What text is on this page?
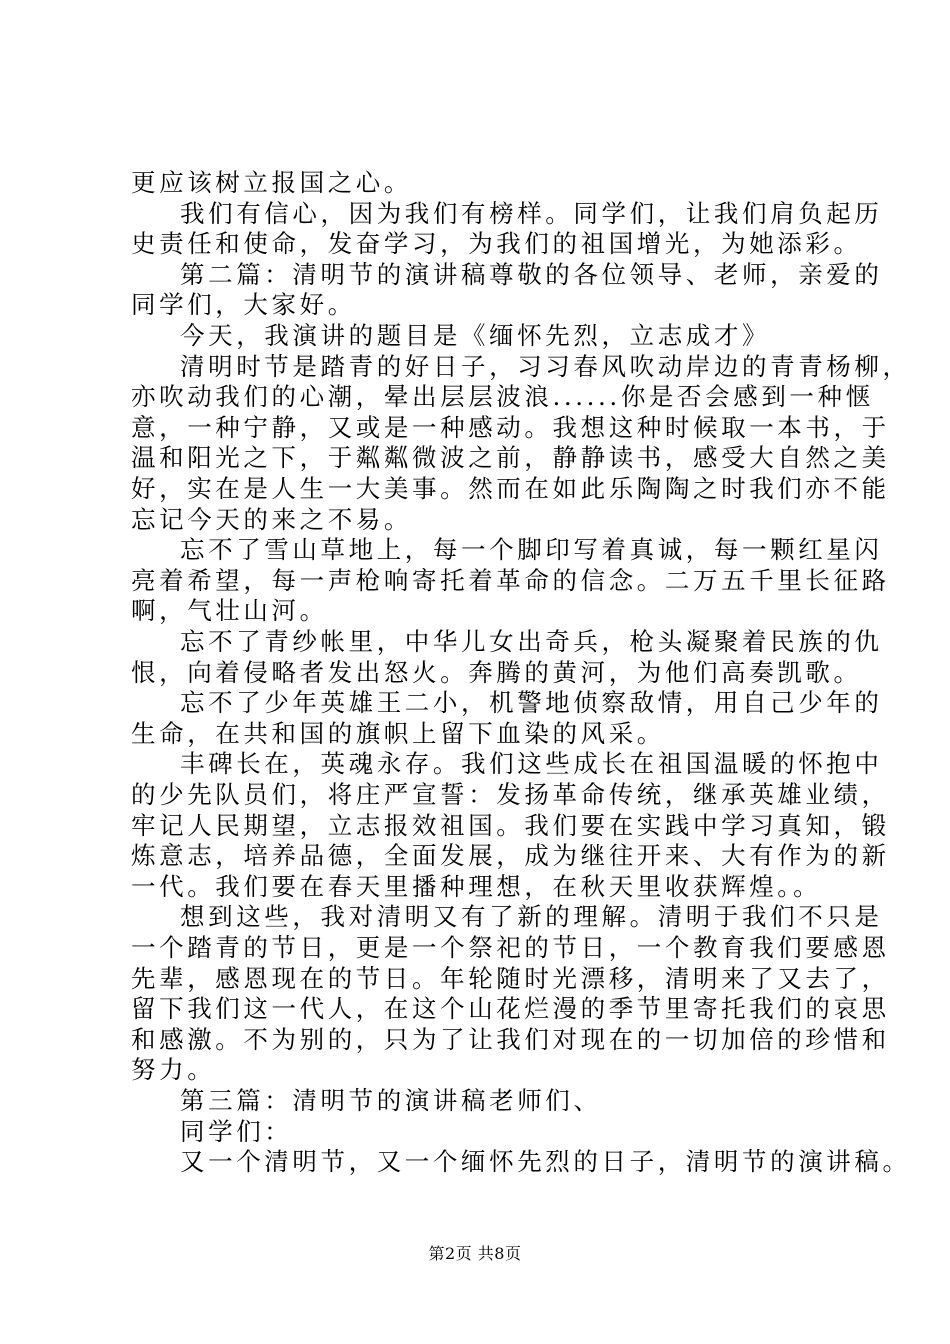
更应该树立报国之心。
我们有信心，因为我们有榜样。同学们，让我们肩负起历
史责任和使命，发奋学习，为我们的祖国增光，为她添彩。
第二篇：清明节的演讲稿尊敬的各位领导、老师，亲爱的
同学们，大家好。
今天，我演讲的题目是《缅怀先烈，立志成才》
清明时节是踏青的好日子，习习春风吹动岸边的青青杨柳，
亦吹动我们的心潮，晕出层层波浪......你是否会感到一种惬
意，一种宁静，又或是一种感动。我想这种时候取一本书，于
温和阳光之下，于粼粼微波之前，静静读书，感受大自然之美
好，实在是人生一大美事。然而在如此乐陶陶之时我们亦不能
忘记今天的来之不易。
忘不了雪山草地上，每一个脚印写着真诚，每一颗红星闪
亮着希望，每一声枪响寄托着革命的信念。二万五千里长征路
啊，气壮山河。
忘不了青纱帐里，中华儿女出奇兵，枪头凝聚着民族的仇
恨，向着侵略者发出怒火。奔腾的黄河，为他们高奏凯歌。
忘不了少年英雄王二小，机警地侦察敌情，用自己少年的
生命，在共和国的旗帜上留下血染的风采。
丰碑长在，英魂永存。我们这些成长在祖国温暖的怀抱中
的少先队员们，将庄严宣誓：发扬革命传统，继承英雄业绩，
牢记人民期望，立志报效祖国。我们要在实践中学习真知，锻
炼意志，培养品德，全面发展，成为继往开来、大有作为的新
一代。我们要在春天里播种理想，在秋天里收获辉煌。。
想到这些，我对清明又有了新的理解。清明于我们不只是
一个踏青的节日，更是一个祭祀的节日，一个教育我们要感恩
先辈，感恩现在的节日。年轮随时光漂移，清明来了又去了，
留下我们这一代人，在这个山花烂漫的季节里寄托我们的哀思
和感激。不为别的，只为了让我们对现在的一切加倍的珍惜和
努力。
第三篇：清明节的演讲稿老师们、
同学们：
又一个清明节，又一个缅怀先烈的日子，清明节的演讲稿。
第2页 共8页
